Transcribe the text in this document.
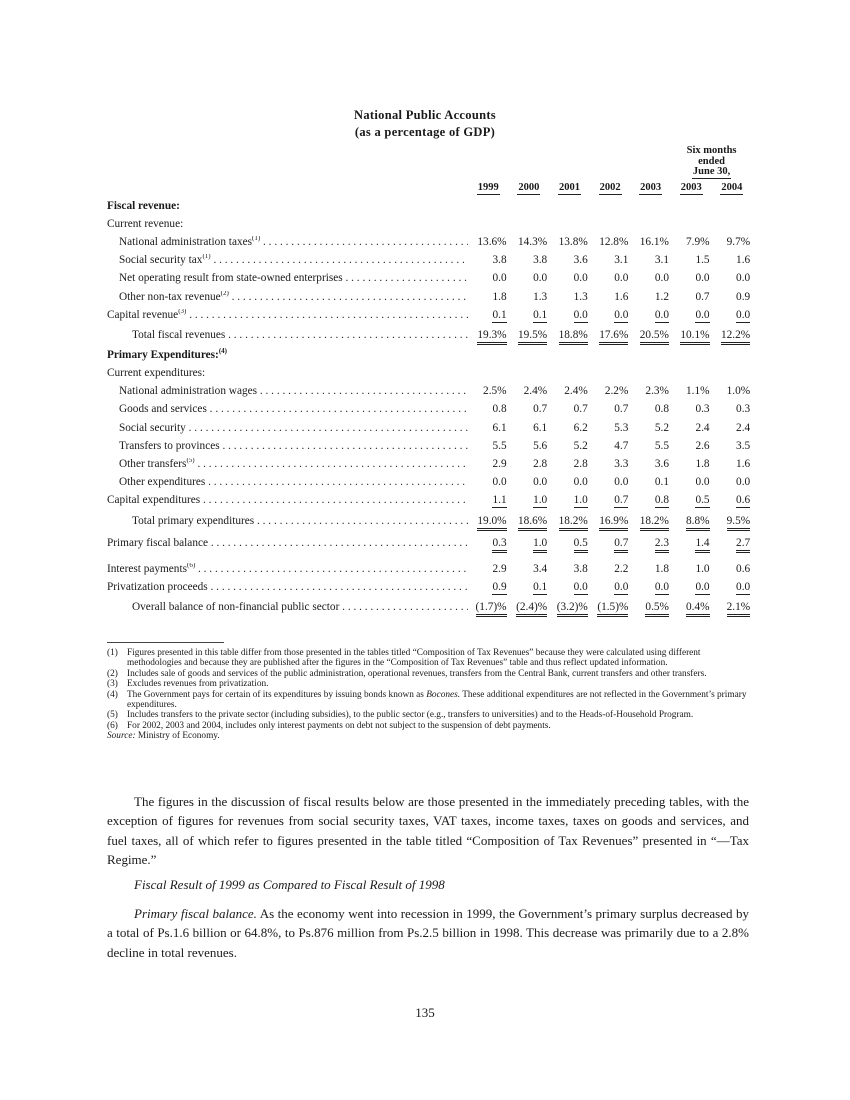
National Public Accounts
(as a percentage of GDP)

						Six months
ended
June 30,	

	1999	2000	2001	2002	2003	2003	2004
Fiscal revenue:							
Current revenue:							

National administration taxes$^{(1)}$ . . .	13.6%	14.3%	13.8%	12.8%	16.1%	7.9%	9.7%

Social security tax$^{(1)}$ . . .	3.8	3.8	3.6	3.1	3.1	1.5	1.6

Net operating result from state-owned enterprises . . .	0.0	0.0	0.0	0.0	0.0	0.0	0.0

Other non-tax revenue$^{(2)}$ . . .	1.8	1.3	1.3	1.6	1.2	0.7	0.9

Capital revenue$^{(3)}$ . . .	0.1	0.1	0.0	0.0	0.0	0.0	0.0

Total fiscal revenues . . .	19.3%	19.5%	18.8%	17.6%	20.5%	10.1%	12.2%
Primary Expenditures:$^{(4)}$	
Current expenditures:							

National administration wages . . .	2.5%	2.4%	2.4%	2.2%	2.3%	1.1%	1.0%

Goods and services . . .	0.8	0.7	0.7	0.7	0.8	0.3	0.3

Social security . . .	6.1	6.1	6.2	5.3	5.2	2.4	2.4

Transfers to provinces . . .	5.5	5.6	5.2	4.7	5.5	2.6	3.5

Other transfers$^{(5)}$ . . .	2.9	2.8	2.8	3.3	3.6	1.8	1.6

Other expenditures . . .	0.0	0.0	0.0	0.0	0.1	0.0	0.0

Capital expenditures . . .	1.1	1.0	1.0	0.7	0.8	0.5	0.6

Total primary expenditures . . .	19.0%	18.6%	18.2%	16.9%	18.2%	8.8%	9.5%

Primary fiscal balance . . .	0.3	1.0	0.5	0.7	2.3	1.4	2.7

Interest payments$^{(6)}$ . . .	2.9	3.4	3.8	2.2	1.8	1.0	0.6

Privatization proceeds . . .	0.9	0.1	0.0	0.0	0.0	0.0	0.0

Overall balance of non-financial public sector . . .	(1.7)%	(2.4)%	(3.2)%	(1.5)%	0.5%	0.4%	2.1%
(1) Figures presented in this table differ from those presented in the tables titled “Composition of Tax Revenues” because they were calculated using different methodologies and because they are published after the figures in the “Composition of Tax Revenues” table and thus reflect updated information.
(2) Includes sale of goods and services of the public administration, operational revenues, transfers from the Central Bank, current transfers and other transfers.
(3) Excludes revenues from privatization.
(4) The Government pays for certain of its expenditures by issuing bonds known as Bocones. These additional expenditures are not reflected in the Government’s primary expenditures.
(5) Includes transfers to the private sector (including subsidies), to the public sector (e.g., transfers to universities) and to the Heads-of-Household Program.
(6) For 2002, 2003 and 2004, includes only interest payments on debt not subject to the suspension of debt payments.
Source: Ministry of Economy.
The figures in the discussion of fiscal results below are those presented in the immediately preceding tables, with the exception of figures for revenues from social security taxes, VAT taxes, income taxes, taxes on goods and services, and fuel taxes, all of which refer to figures presented in the table titled “Composition of Tax Revenues” presented in “—Tax Regime.”
Fiscal Result of 1999 as Compared to Fiscal Result of 1998
Primary fiscal balance. As the economy went into recession in 1999, the Government’s primary surplus decreased by a total of Ps.1.6 billion or 64.8%, to Ps.876 million from Ps.2.5 billion in 1998. This decrease was primarily due to a 2.8% decline in total revenues.
135
